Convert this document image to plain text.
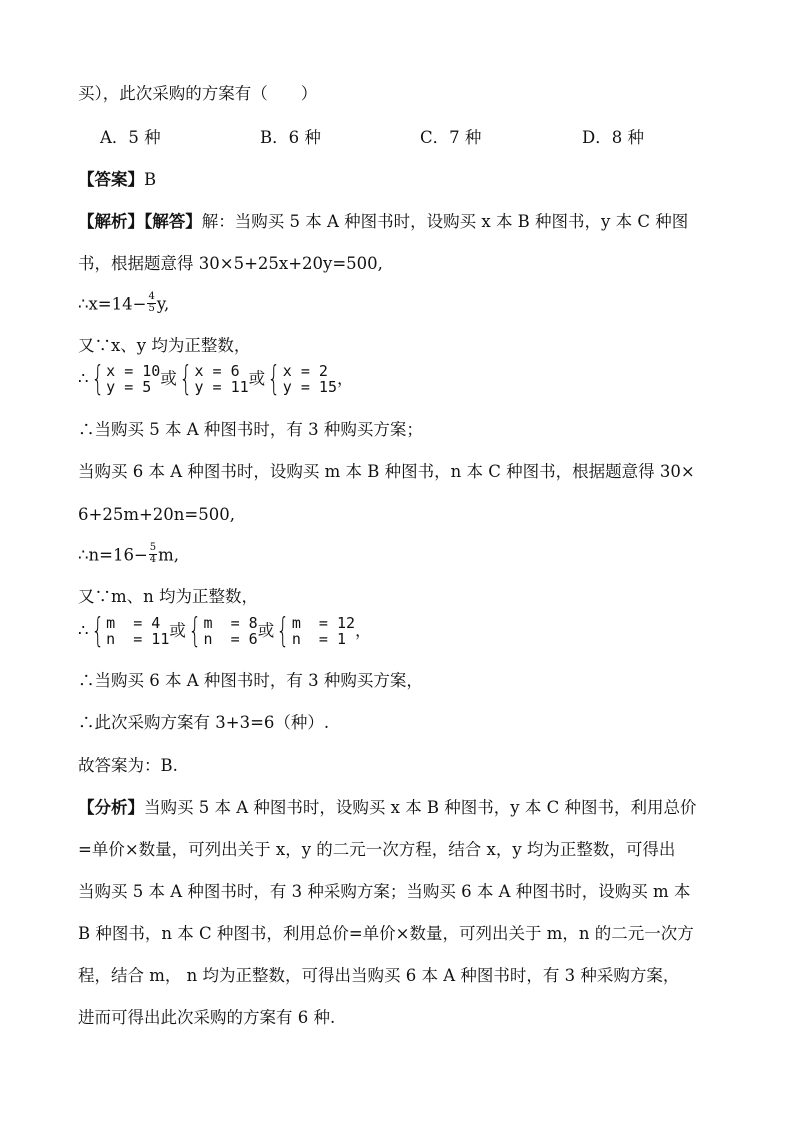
买），此次采购的方案有（　　）
A．5 种	B．6 种	C．7 种	D．8 种
【答案】B
【解析】【解答】解：当购买 5 本 A 种图书时，设购买 x 本 B 种图书，y 本 C 种图
书，根据题意得 30×5+25x+20y=500,
∴x=14− $\frac{4}{5} y$,
又∵x、y 均为正整数，
∴ { x = 10
y = 5 或 { x = 6
y = 11 或 { x = 2
y = 15 ，
∴当购买 5 本 A 种图书时，有 3 种购买方案；
当购买 6 本 A 种图书时，设购买 m 本 B 种图书，n 本 C 种图书，根据题意得 30×
6+25m+20n=500,
∴n=16− $\frac{5}{4} m$,
又∵m、n 均为正整数，
∴ { m  = 4
n  = 11 或 { m  = 8
n  = 6 或 { m  = 12
n  = 1 ，
∴当购买 6 本 A 种图书时，有 3 种购买方案，
∴此次采购方案有 3+3=6（种）.
故答案为：B.
【分析】当购买 5 本 A 种图书时，设购买 x 本 B 种图书，y 本 C 种图书，利用总价
=单价×数量，可列出关于 x，y 的二元一次方程，结合 x，y 均为正整数，可得出
当购买 5 本 A 种图书时，有 3 种采购方案；当购买 6 本 A 种图书时，设购买 m 本
B 种图书，n 本 C 种图书，利用总价=单价×数量，可列出关于 m，n 的二元一次方
程，结合 m， n 均为正整数，可得出当购买 6 本 A 种图书时，有 3 种采购方案，
进而可得出此次采购的方案有 6 种.
